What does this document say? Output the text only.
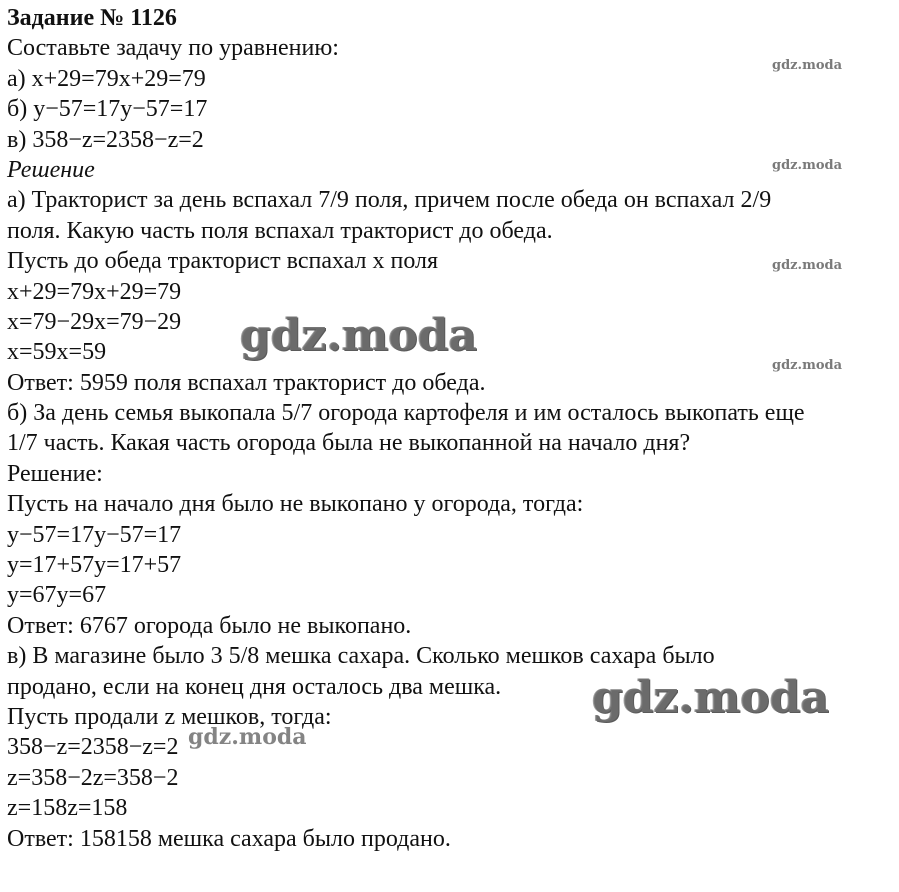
Задание № 1126
Составьте задачу по уравнению:
а) x+29=79x+29=79
б) y−57=17y−57=17
в) 358−z=2358−z=2
Решение
а) Тракторист за день вспахал 7/9 поля, причем после обеда он вспахал 2/9
поля. Какую часть поля вспахал тракторист до обеда.
Пусть до обеда тракторист вспахал x поля
x+29=79x+29=79
x=79−29x=79−29
x=59x=59
Ответ: 5959 поля вспахал тракторист до обеда.
б) За день семья выкопала 5/7 огорода картофеля и им осталось выкопать еще
1/7 часть. Какая часть огорода была не выкопанной на начало дня?
Решение:
Пусть на начало дня было не выкопано y огорода, тогда:
y−57=17y−57=17
y=17+57y=17+57
y=67y=67
Ответ: 6767 огорода было не выкопано.
в) В магазине было 3 5/8 мешка сахара. Сколько мешков сахара было
продано, если на конец дня осталось два мешка.
Пусть продали z мешков, тогда:
358−z=2358−z=2
z=358−2z=358−2
z=158z=158
Ответ: 158158 мешка сахара было продано.
gdz.moda
gdz.moda
gdz.moda
gdz.moda
gdz.moda
gdz.moda
gdz.moda
